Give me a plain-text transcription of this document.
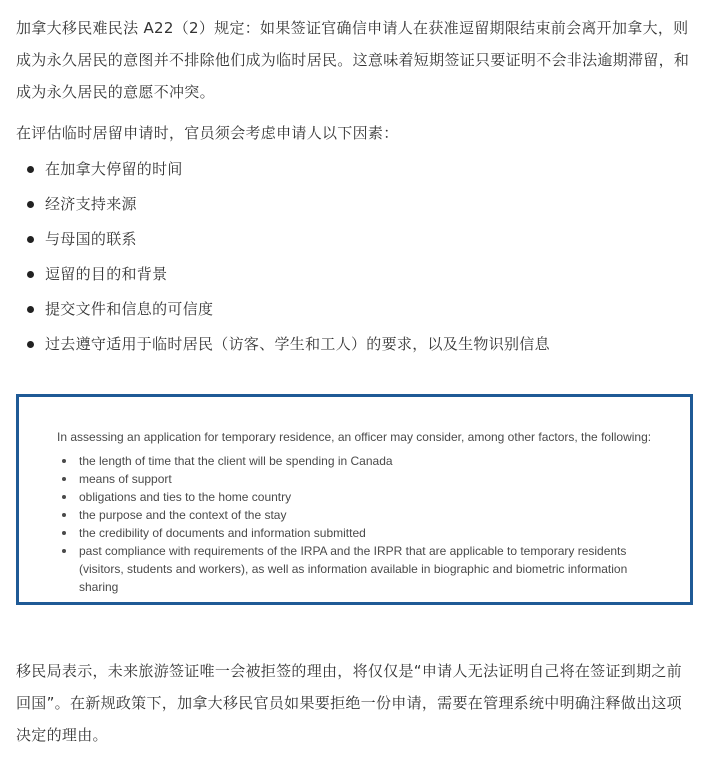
加拿大移民难民法 A22（2）规定：如果签证官确信申请人在获准逗留期限结束前会离开加拿大，则成为永久居民的意图并不排除他们成为临时居民。这意味着短期签证只要证明不会非法逾期滞留，和成为永久居民的意愿不冲突。

在评估临时居留申请时，官员须会考虑申请人以下因素：

在加拿大停留的时间
经济支持来源
与母国的联系
逗留的目的和背景
提交文件和信息的可信度
过去遵守适用于临时居民（访客、学生和工人）的要求，以及生物识别信息

In assessing an application for temporary residence, an officer may consider, among other factors, the following:

the length of time that the client will be spending in Canada
means of support
obligations and ties to the home country
the purpose and the context of the stay
the credibility of documents and information submitted
past compliance with requirements of the IRPA and the IRPR that are applicable to temporary residents (visitors, students and workers), as well as information available in biographic and biometric information sharing

移民局表示，未来旅游签证唯一会被拒签的理由，将仅仅是“申请人无法证明自己将在签证到期之前回国”。在新规政策下，加拿大移民官员如果要拒绝一份申请，需要在管理系统中明确注释做出这项决定的理由。
